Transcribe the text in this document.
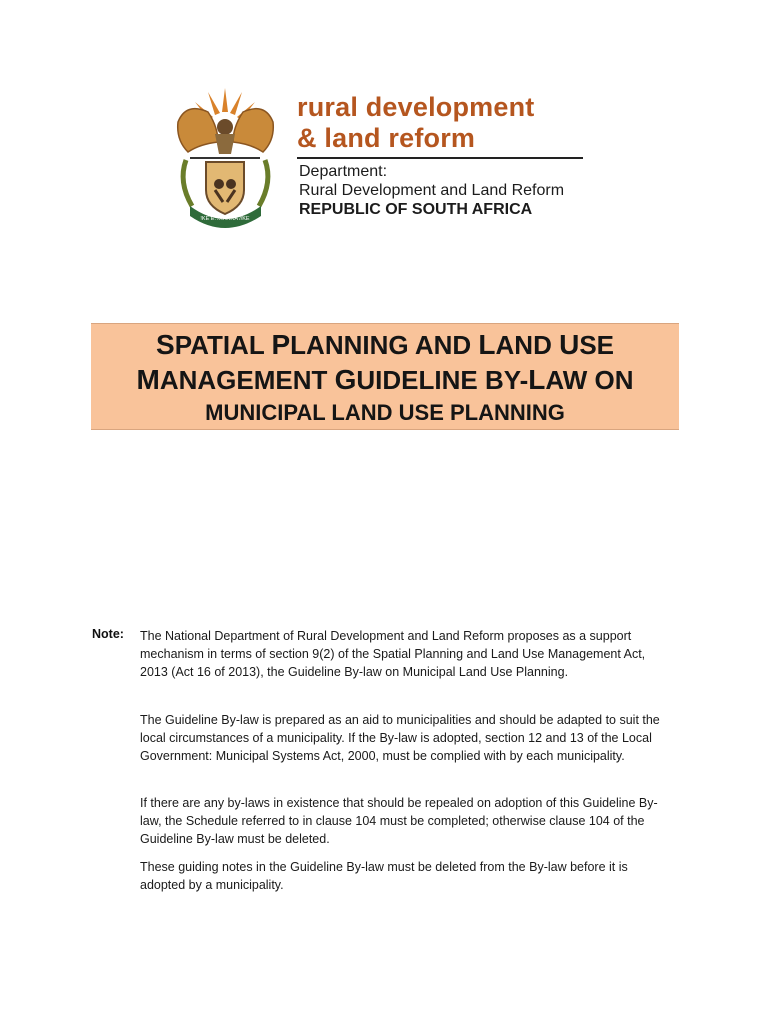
!KE E: /XARRA //KE
rural development
& land reform
Department:
Rural Development and Land Reform
REPUBLIC OF SOUTH AFRICA
SPATIAL PLANNING AND LAND USE
MANAGEMENT GUIDELINE BY-LAW ON
MUNICIPAL LAND USE PLANNING
Note: The National Department of Rural Development and Land Reform proposes as a support mechanism in terms of section 9(2) of the Spatial Planning and Land Use Management Act, 2013 (Act 16 of 2013), the Guideline By-law on Municipal Land Use Planning.

The Guideline By-law is prepared as an aid to municipalities and should be adapted to suit the local circumstances of a municipality. If the By-law is adopted, section 12 and 13 of the Local Government: Municipal Systems Act, 2000, must be complied with by each municipality.

If there are any by-laws in existence that should be repealed on adoption of this Guideline By-law, the Schedule referred to in clause 104 must be completed; otherwise clause 104 of the Guideline By-law must be deleted.

These guiding notes in the Guideline By-law must be deleted from the By-law before it is adopted by a municipality.
